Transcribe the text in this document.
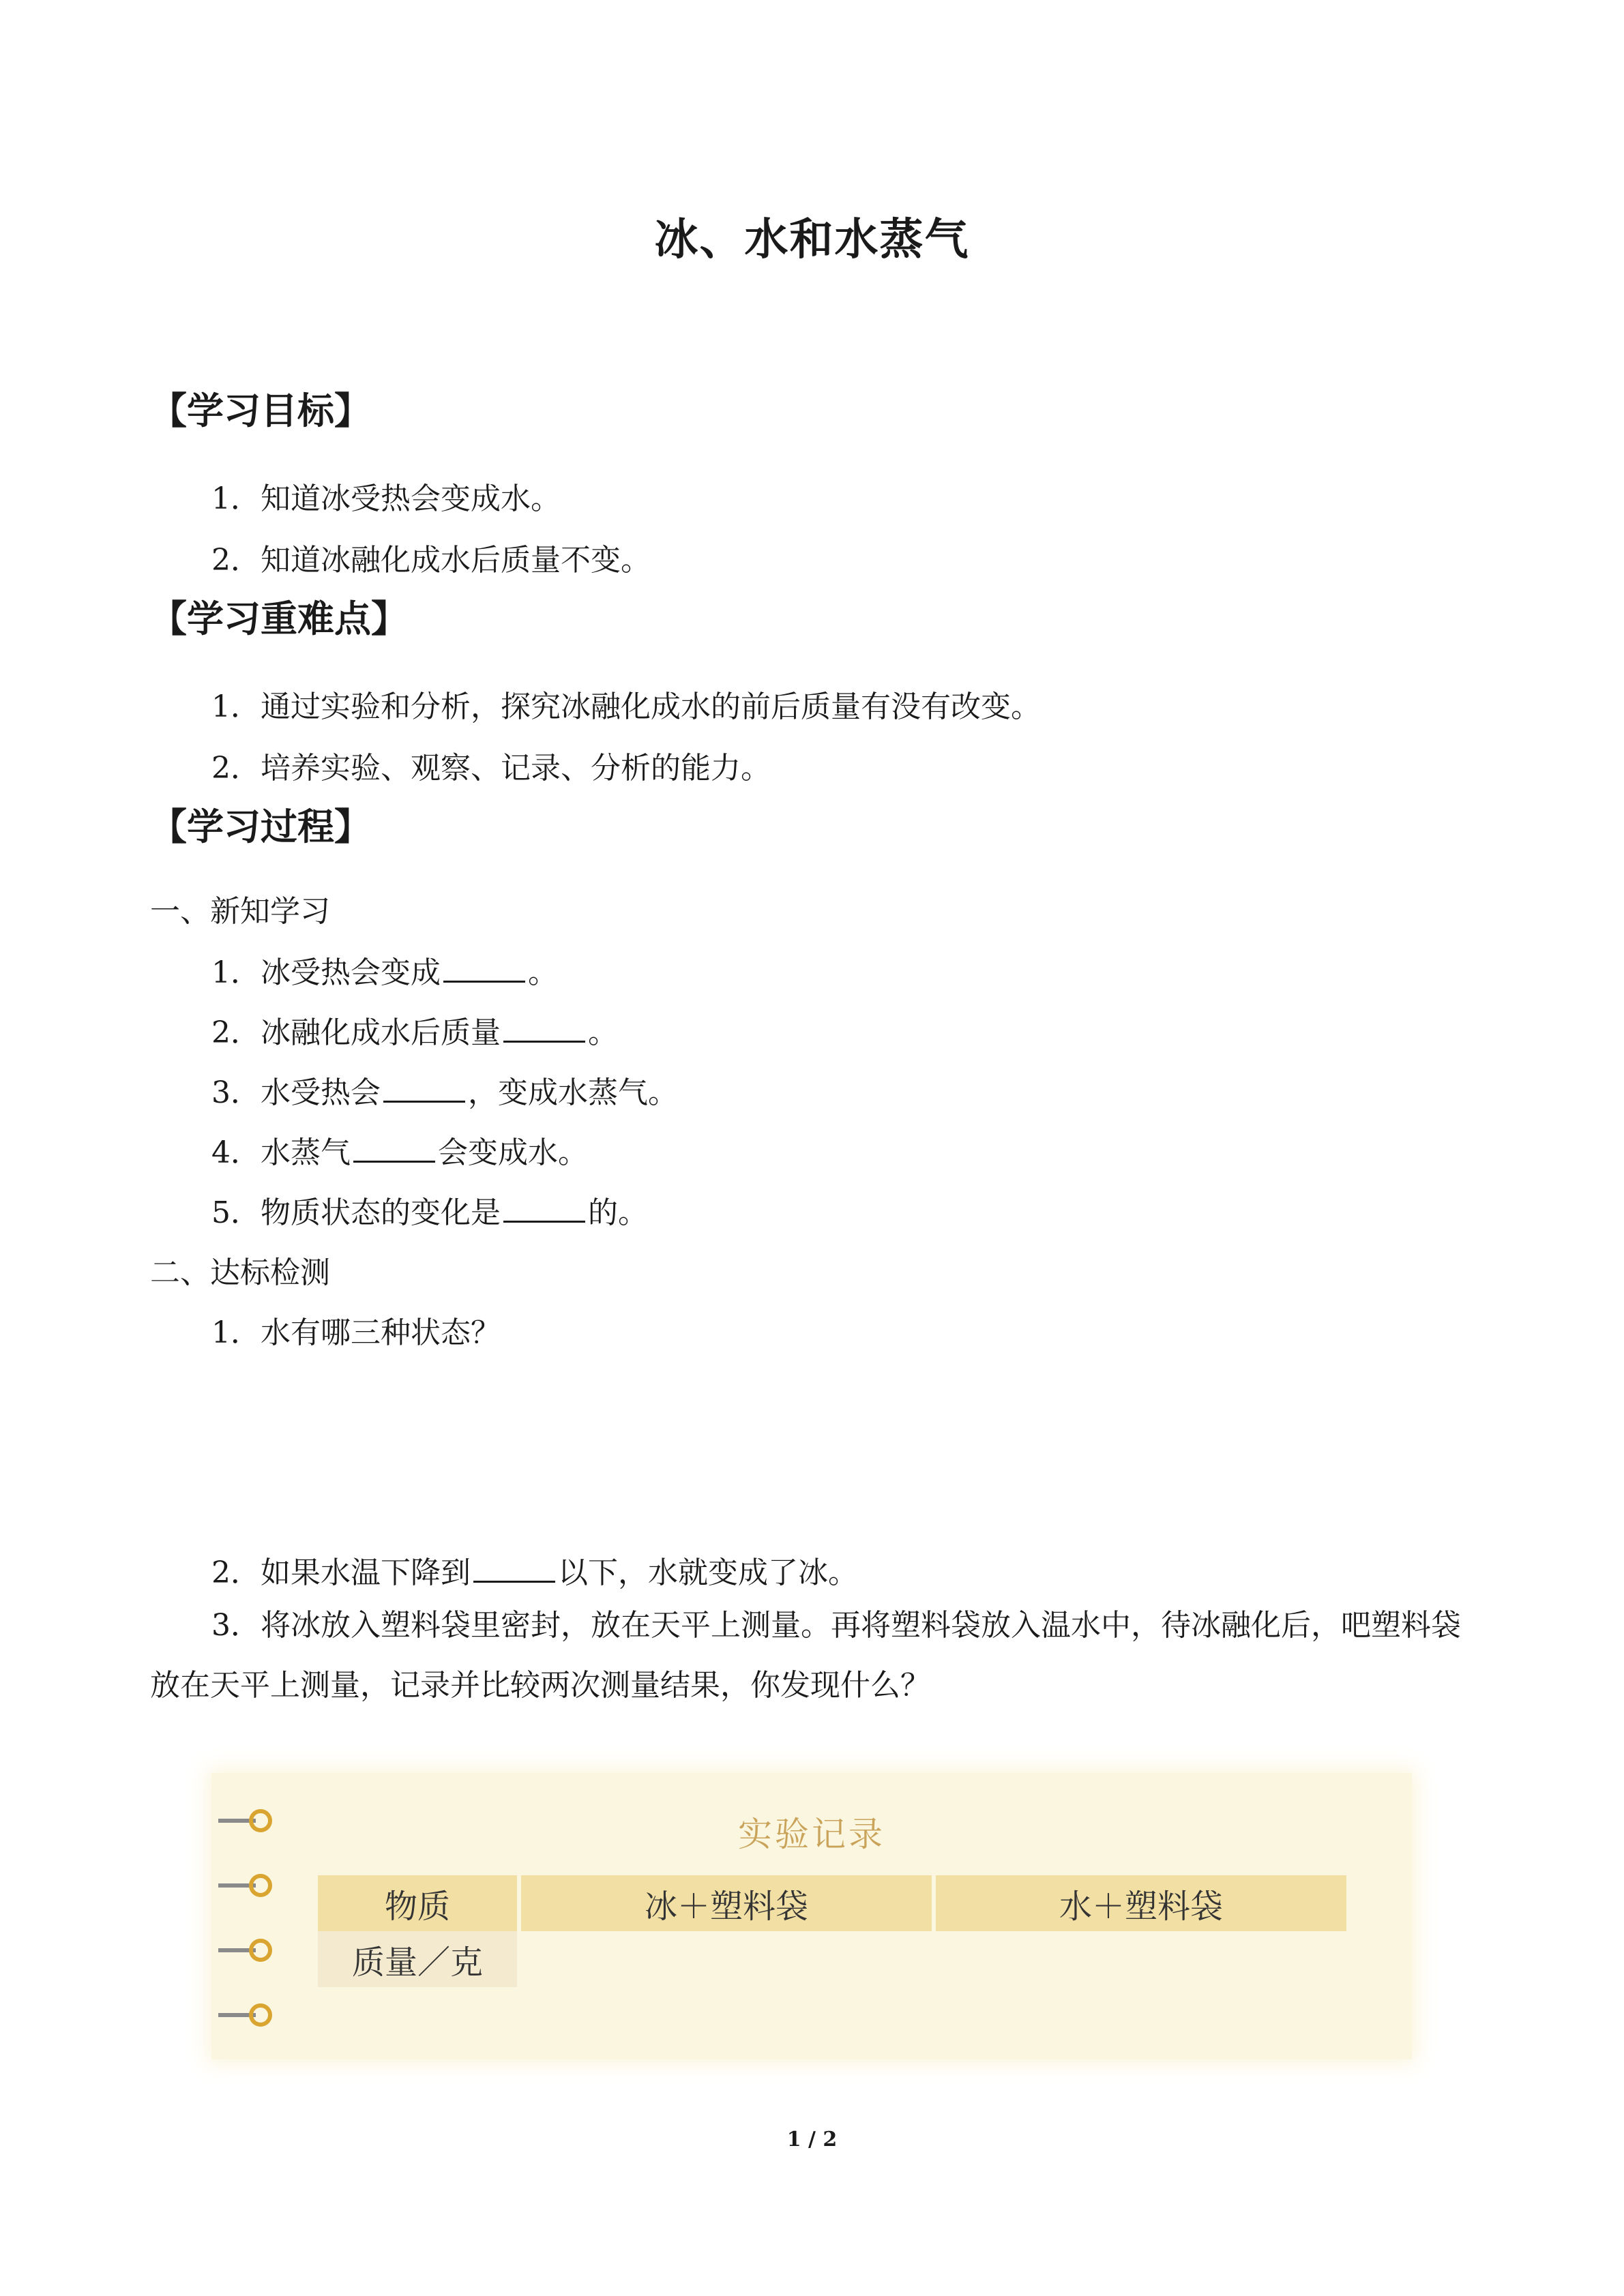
冰、水和水蒸气
【学习目标】
1．知道冰受热会变成水。
2．知道冰融化成水后质量不变。
【学习重难点】
1．通过实验和分析，探究冰融化成水的前后质量有没有改变。
2．培养实验、观察、记录、分析的能力。
【学习过程】
一、新知学习
1．冰受热会变成	。
2．冰融化成水后质量	。
3．水受热会	，变成水蒸气。
4．水蒸气	会变成水。
5．物质状态的变化是	的。
二、达标检测
1．水有哪三种状态？
2．如果水温下降到	以下，水就变成了冰。
3．将冰放入塑料袋里密封，放在天平上测量。再将塑料袋放入温水中，待冰融化后，吧塑料袋放在天平上测量，记录并比较两次测量结果，你发现什么？
实验记录
物质	冰＋塑料袋	水＋塑料袋
质量／克		
1 / 2
